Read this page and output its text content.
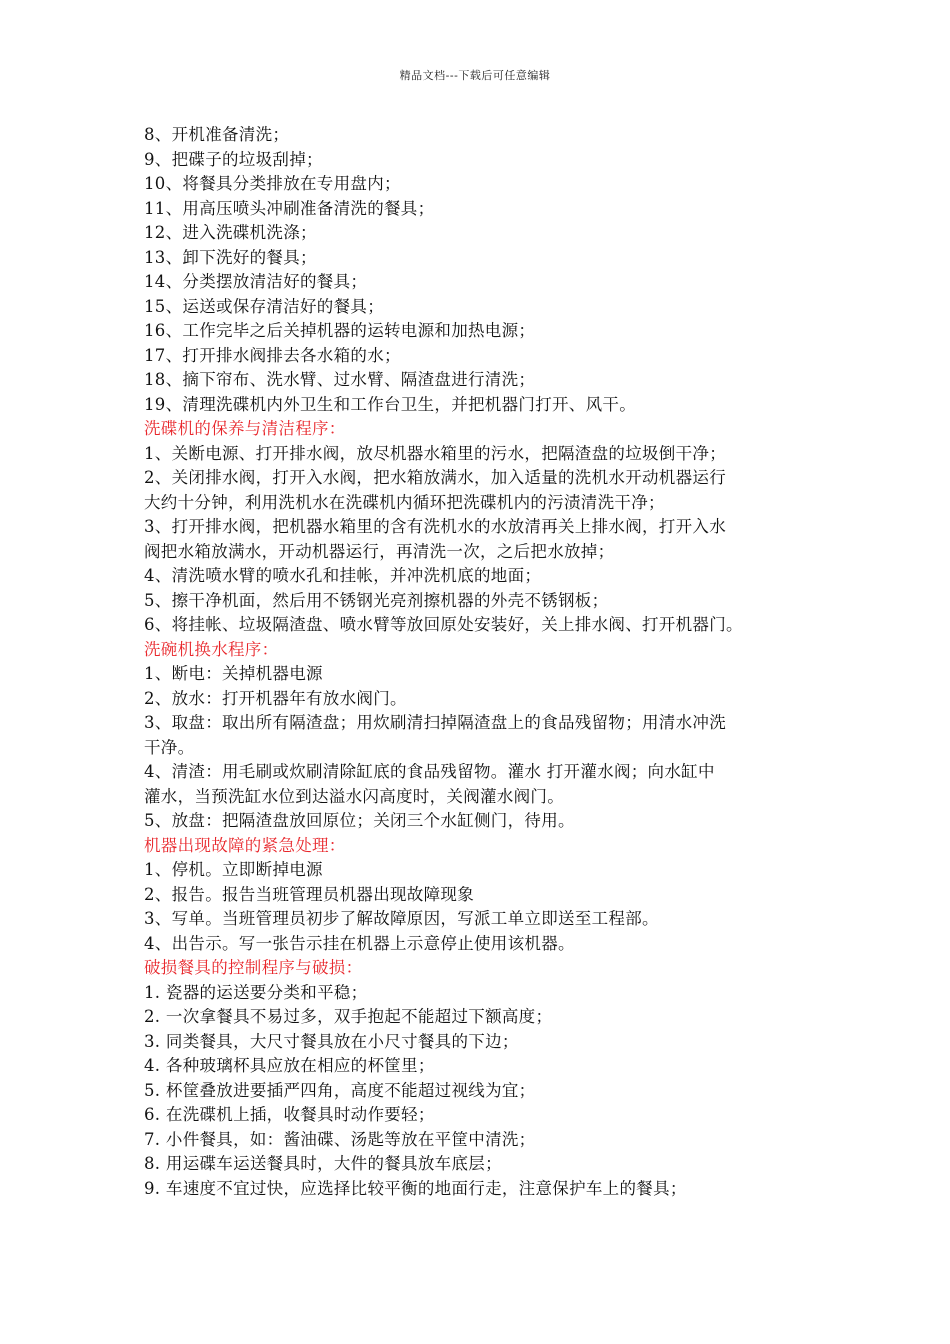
精品文档---下载后可任意编辑
8、开机准备清洗；
9、把碟子的垃圾刮掉；
10、将餐具分类排放在专用盘内；
11、用高压喷头冲刷准备清洗的餐具；
12、进入洗碟机洗涤；
13、卸下洗好的餐具；
14、分类摆放清洁好的餐具；
15、运送或保存清洁好的餐具；
16、工作完毕之后关掉机器的运转电源和加热电源；
17、打开排水阀排去各水箱的水；
18、摘下帘布、洗水臂、过水臂、隔渣盘进行清洗；
19、清理洗碟机内外卫生和工作台卫生，并把机器门打开、风干。
洗碟机的保养与清洁程序：
1、关断电源、打开排水阀，放尽机器水箱里的污水，把隔渣盘的垃圾倒干净；
2、关闭排水阀，打开入水阀，把水箱放满水，加入适量的洗机水开动机器运行
大约十分钟，利用洗机水在洗碟机内循环把洗碟机内的污渍清洗干净；
3、打开排水阀，把机器水箱里的含有洗机水的水放清再关上排水阀，打开入水
阀把水箱放满水，开动机器运行，再清洗一次，之后把水放掉；
4、清洗喷水臂的喷水孔和挂帐，并冲洗机底的地面；
5、擦干净机面，然后用不锈钢光亮剂擦机器的外壳不锈钢板；
6、将挂帐、垃圾隔渣盘、喷水臂等放回原处安装好，关上排水阀、打开机器门。
洗碗机换水程序：
1、断电：关掉机器电源
2、放水：打开机器年有放水阀门。
3、取盘：取出所有隔渣盘；用炊刷清扫掉隔渣盘上的食品残留物；用清水冲洗
干净。
4、清渣：用毛刷或炊刷清除缸底的食品残留物。灌水 打开灌水阀；向水缸中
灌水，当预洗缸水位到达溢水闪高度时，关阀灌水阀门。
5、放盘：把隔渣盘放回原位；关闭三个水缸侧门，待用。
机器出现故障的紧急处理：
1、停机。立即断掉电源
2、报告。报告当班管理员机器出现故障现象
3、写单。当班管理员初步了解故障原因，写派工单立即送至工程部。
4、出告示。写一张告示挂在机器上示意停止使用该机器。
破损餐具的控制程序与破损：
1. 瓷器的运送要分类和平稳；
2. 一次拿餐具不易过多，双手抱起不能超过下额高度；
3. 同类餐具，大尺寸餐具放在小尺寸餐具的下边；
4. 各种玻璃杯具应放在相应的杯筐里；
5. 杯筐叠放进要插严四角，高度不能超过视线为宜；
6. 在洗碟机上插，收餐具时动作要轻；
7. 小件餐具，如：酱油碟、汤匙等放在平筐中清洗；
8. 用运碟车运送餐具时，大件的餐具放车底层；
9. 车速度不宜过快，应选择比较平衡的地面行走，注意保护车上的餐具；
